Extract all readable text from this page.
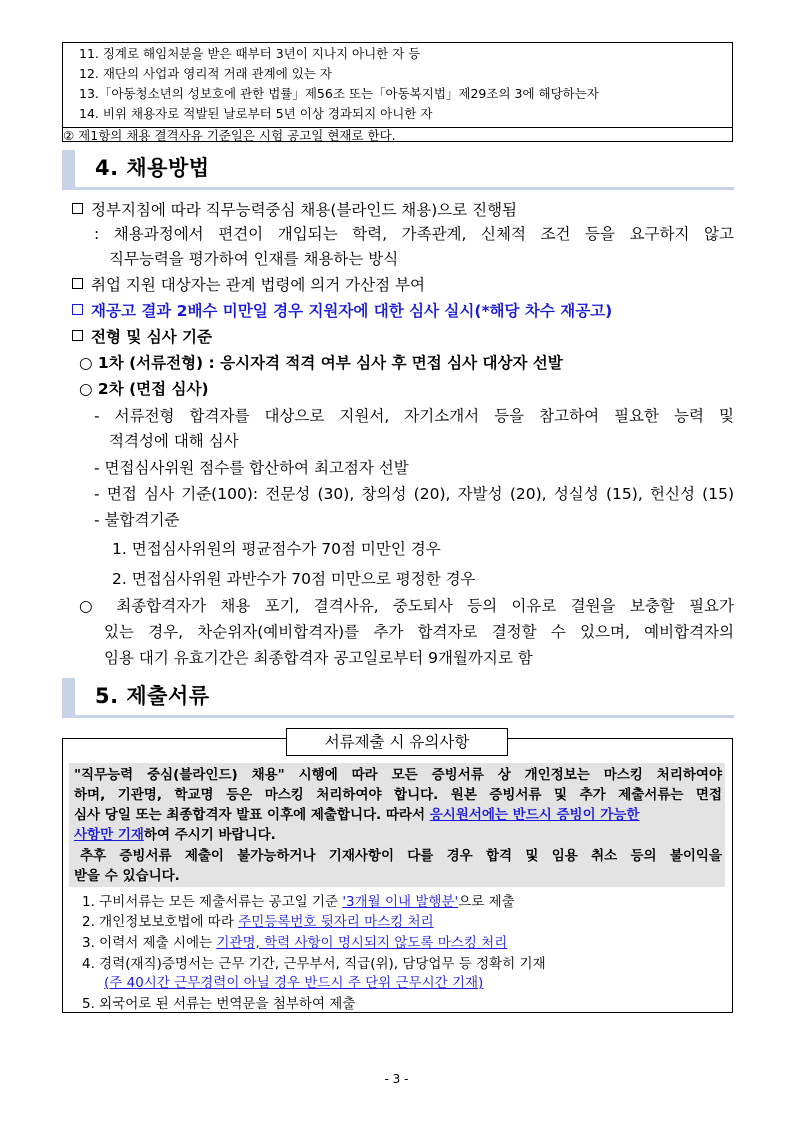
11. 징계로 해임처분을 받은 때부터 3년이 지나지 아니한 자 등
12. 재단의 사업과 영리적 거래 관계에 있는 자
13.「아동청소년의 성보호에 관한 법률」제56조 또는「아동복지법」제29조의 3에 해당하는자
14. 비위 채용자로 적발된 날로부터 5년 이상 경과되지 아니한 자
② 제1항의 채용 결격사유 기준일은 시험 공고일 현재로 한다.
4. 채용방법
정부지침에 따라 직무능력중심 채용(블라인드 채용)으로 진행됨
: 채용과정에서 편견이 개입되는 학력, 가족관계, 신체적 조건 등을 요구하지 않고
직무능력을 평가하여 인재를 채용하는 방식
취업 지원 대상자는 관계 법령에 의거 가산점 부여
재공고 결과 2배수 미만일 경우 지원자에 대한 심사 실시(*해당 차수 재공고)
전형 및 심사 기준
○ 1차 (서류전형) : 응시자격 적격 여부 심사 후 면접 심사 대상자 선발
○ 2차 (면접 심사)
- 서류전형 합격자를 대상으로 지원서, 자기소개서 등을 참고하여 필요한 능력 및
적격성에 대해 심사
- 면접심사위원 점수를 합산하여 최고점자 선발
- 면접 심사 기준(100): 전문성 (30), 창의성 (20), 자발성 (20), 성실성 (15), 헌신성 (15)
- 불합격기준
1. 면접심사위원의 평균점수가 70점 미만인 경우
2. 면접심사위원 과반수가 70점 미만으로 평정한 경우
○ 최종합격자가 채용 포기, 결격사유, 중도퇴사 등의 이유로 결원을 보충할 필요가
있는 경우, 차순위자(예비합격자)를 추가 합격자로 결정할 수 있으며, 예비합격자의
임용 대기 유효기간은 최종합격자 공고일로부터 9개월까지로 함
5. 제출서류
서류제출 시 유의사항
"직무능력 중심(블라인드) 채용" 시행에 따라 모든 증빙서류 상 개인정보는 마스킹 처리하여야
하며, 기관명, 학교명 등은 마스킹 처리하여야 합니다. 원본 증빙서류 및 추가 제출서류는 면접
심사 당일 또는 최종합격자 발표 이후에 제출합니다. 따라서 응시원서에는 반드시 증빙이 가능한
사항만 기재하여 주시기 바랍니다.
추후 증빙서류 제출이 불가능하거나 기재사항이 다를 경우 합격 및 임용 취소 등의 불이익을
받을 수 있습니다.
1. 구비서류는 모든 제출서류는 공고일 기준 '3개월 이내 발행분'으로 제출
2. 개인정보보호법에 따라 주민등록번호 뒷자리 마스킹 처리
3. 이력서 제출 시에는 기관명, 학력 사항이 명시되지 않도록 마스킹 처리
4. 경력(재직)증명서는 근무 기간, 근무부서, 직급(위), 담당업무 등 정확히 기재
(주 40시간 근무경력이 아닐 경우 반드시 주 단위 근무시간 기재)
5. 외국어로 된 서류는 번역문을 첨부하여 제출
- 3 -
